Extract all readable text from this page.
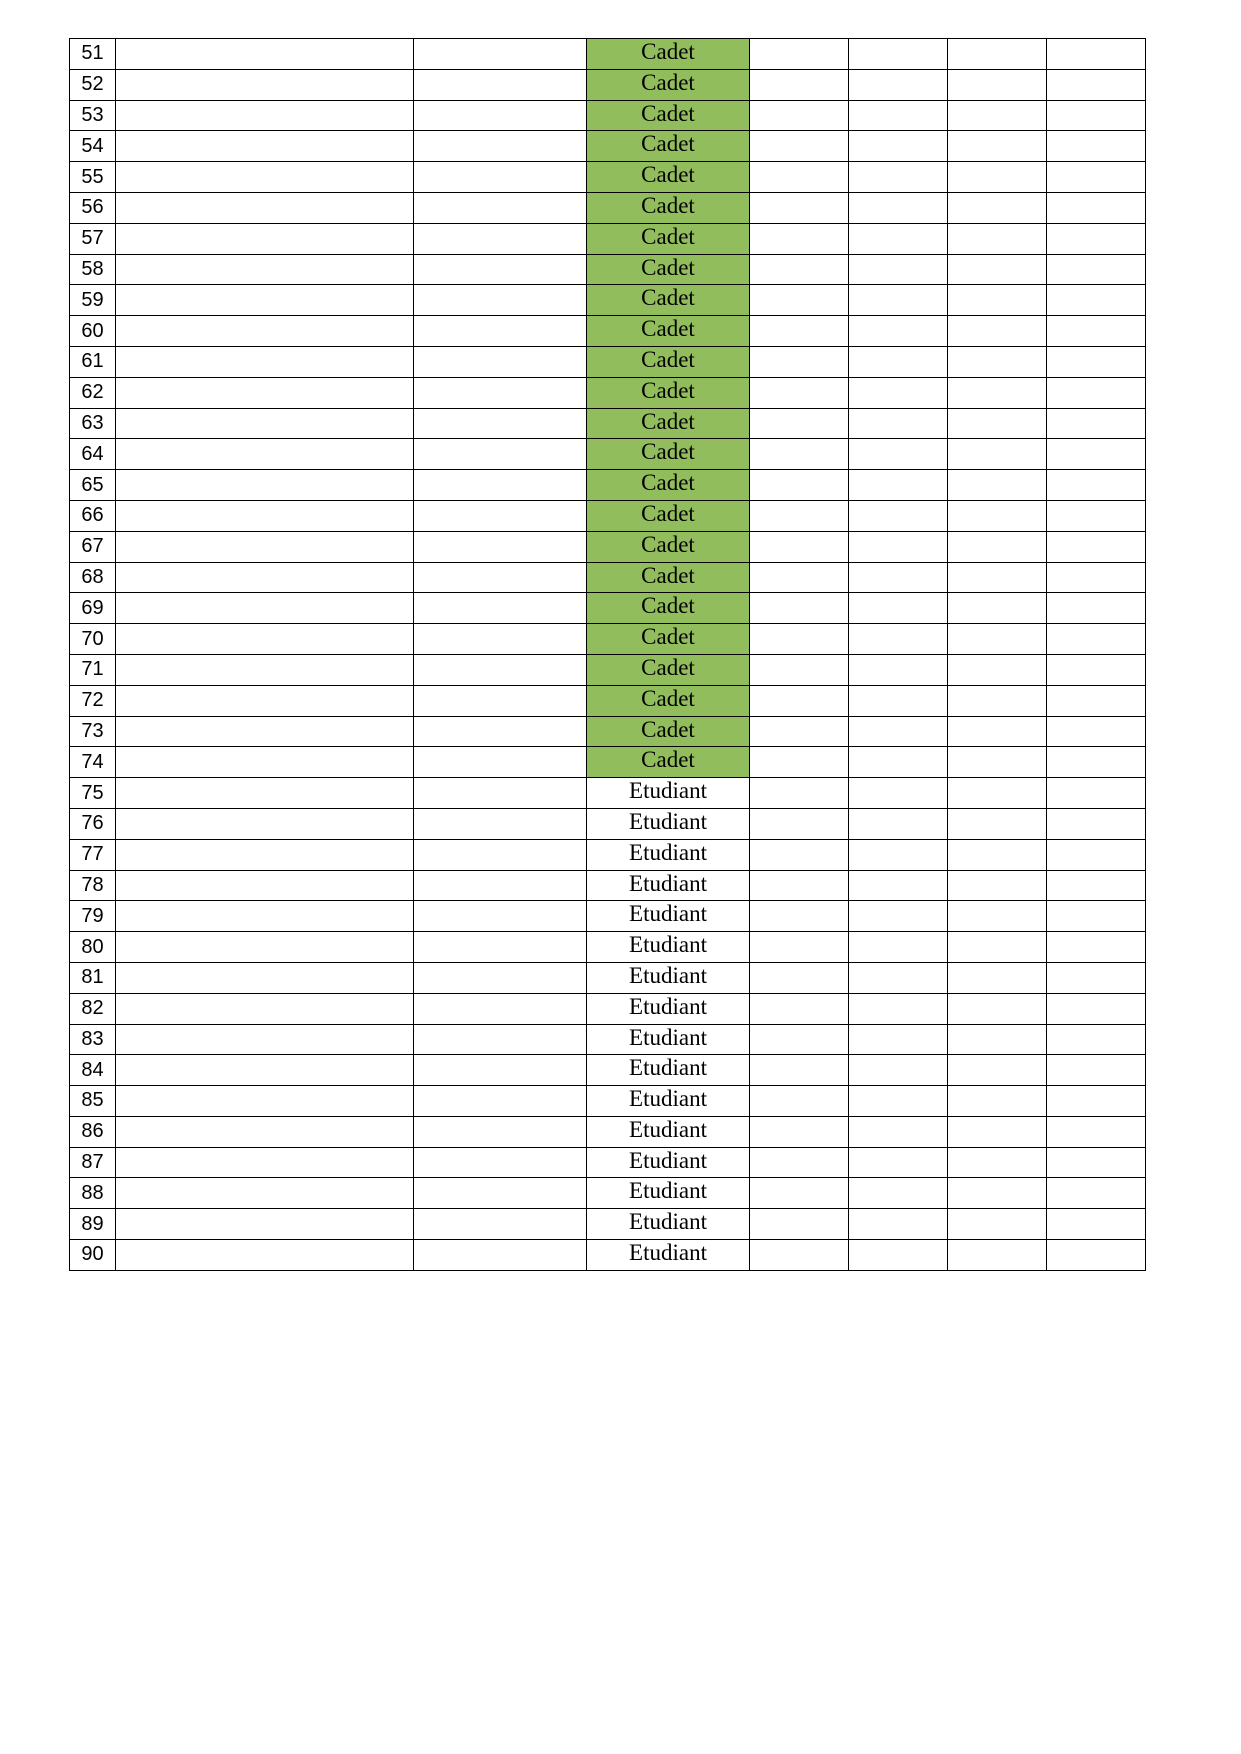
51			Cadet				
52			Cadet				
53			Cadet				
54			Cadet				
55			Cadet				
56			Cadet				
57			Cadet				
58			Cadet				
59			Cadet				
60			Cadet				
61			Cadet				
62			Cadet				
63			Cadet				
64			Cadet				
65			Cadet				
66			Cadet				
67			Cadet				
68			Cadet				
69			Cadet				
70			Cadet				
71			Cadet				
72			Cadet				
73			Cadet				
74			Cadet				
75			Etudiant				
76			Etudiant				
77			Etudiant				
78			Etudiant				
79			Etudiant				
80			Etudiant				
81			Etudiant				
82			Etudiant				
83			Etudiant				
84			Etudiant				
85			Etudiant				
86			Etudiant				
87			Etudiant				
88			Etudiant				
89			Etudiant				
90			Etudiant				
